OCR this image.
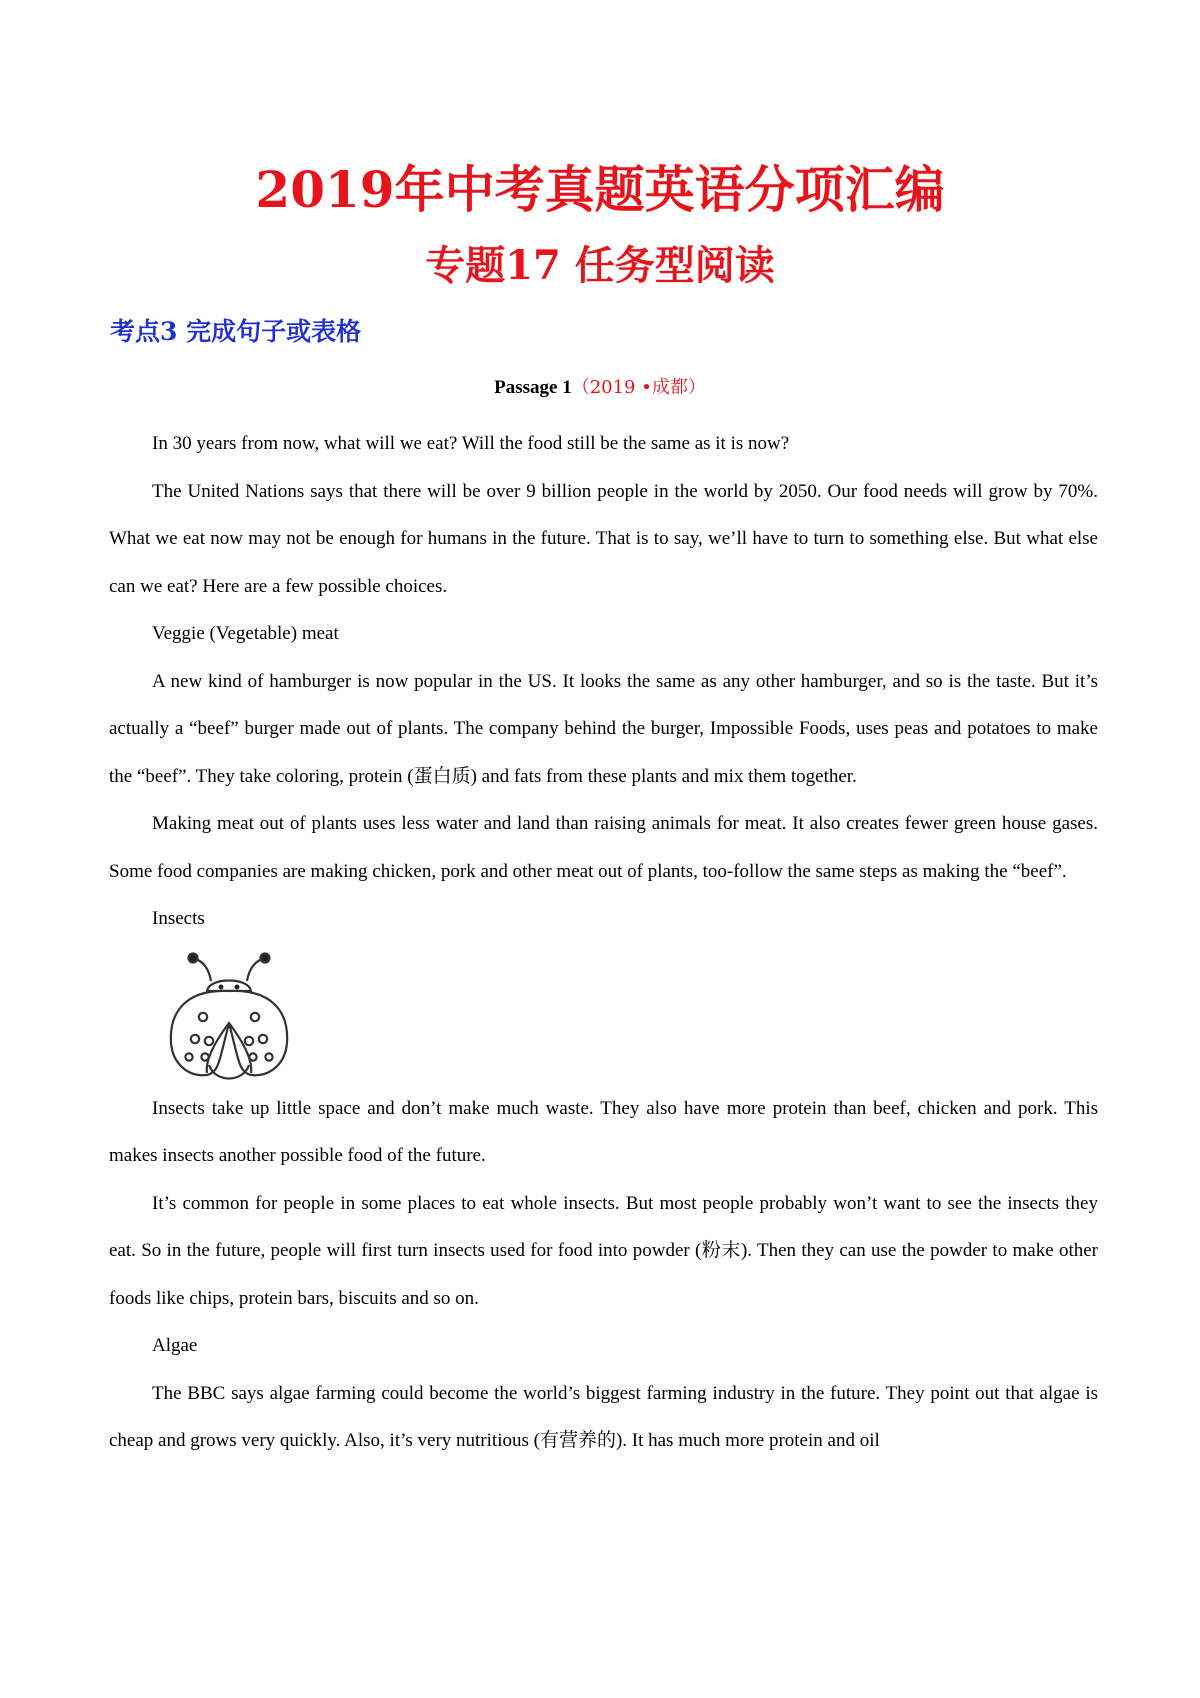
2019年中考真题英语分项汇编
专题17 任务型阅读
考点3 完成句子或表格
Passage 1（2019 •成都）

In 30 years from now, what will we eat? Will the food still be the same as it is now?

The United Nations says that there will be over 9 billion people in the world by 2050. Our food needs will grow by 70%. What we eat now may not be enough for humans in the future. That is to say, we’ll have to turn to something else. But what else can we eat? Here are a few possible choices.

Veggie (Vegetable) meat

A new kind of hamburger is now popular in the US. It looks the same as any other hamburger, and so is the taste. But it’s actually a “beef” burger made out of plants. The company behind the burger, Impossible Foods, uses peas and potatoes to make the “beef”. They take coloring, protein (蛋白质) and fats from these plants and mix them together.

Making meat out of plants uses less water and land than raising animals for meat. It also creates fewer green house gases. Some food companies are making chicken, pork and other meat out of plants, too-follow the same steps as making the “beef”.

Insects

Insects take up little space and don’t make much waste. They also have more protein than beef, chicken and pork. This makes insects another possible food of the future.

It’s common for people in some places to eat whole insects. But most people probably won’t want to see the insects they eat. So in the future, people will first turn insects used for food into powder (粉末). Then they can use the powder to make other foods like chips, protein bars, biscuits and so on.

Algae

The BBC says algae farming could become the world’s biggest farming industry in the future. They point out that algae is cheap and grows very quickly. Also, it’s very nutritious (有营养的). It has much more protein and oil
